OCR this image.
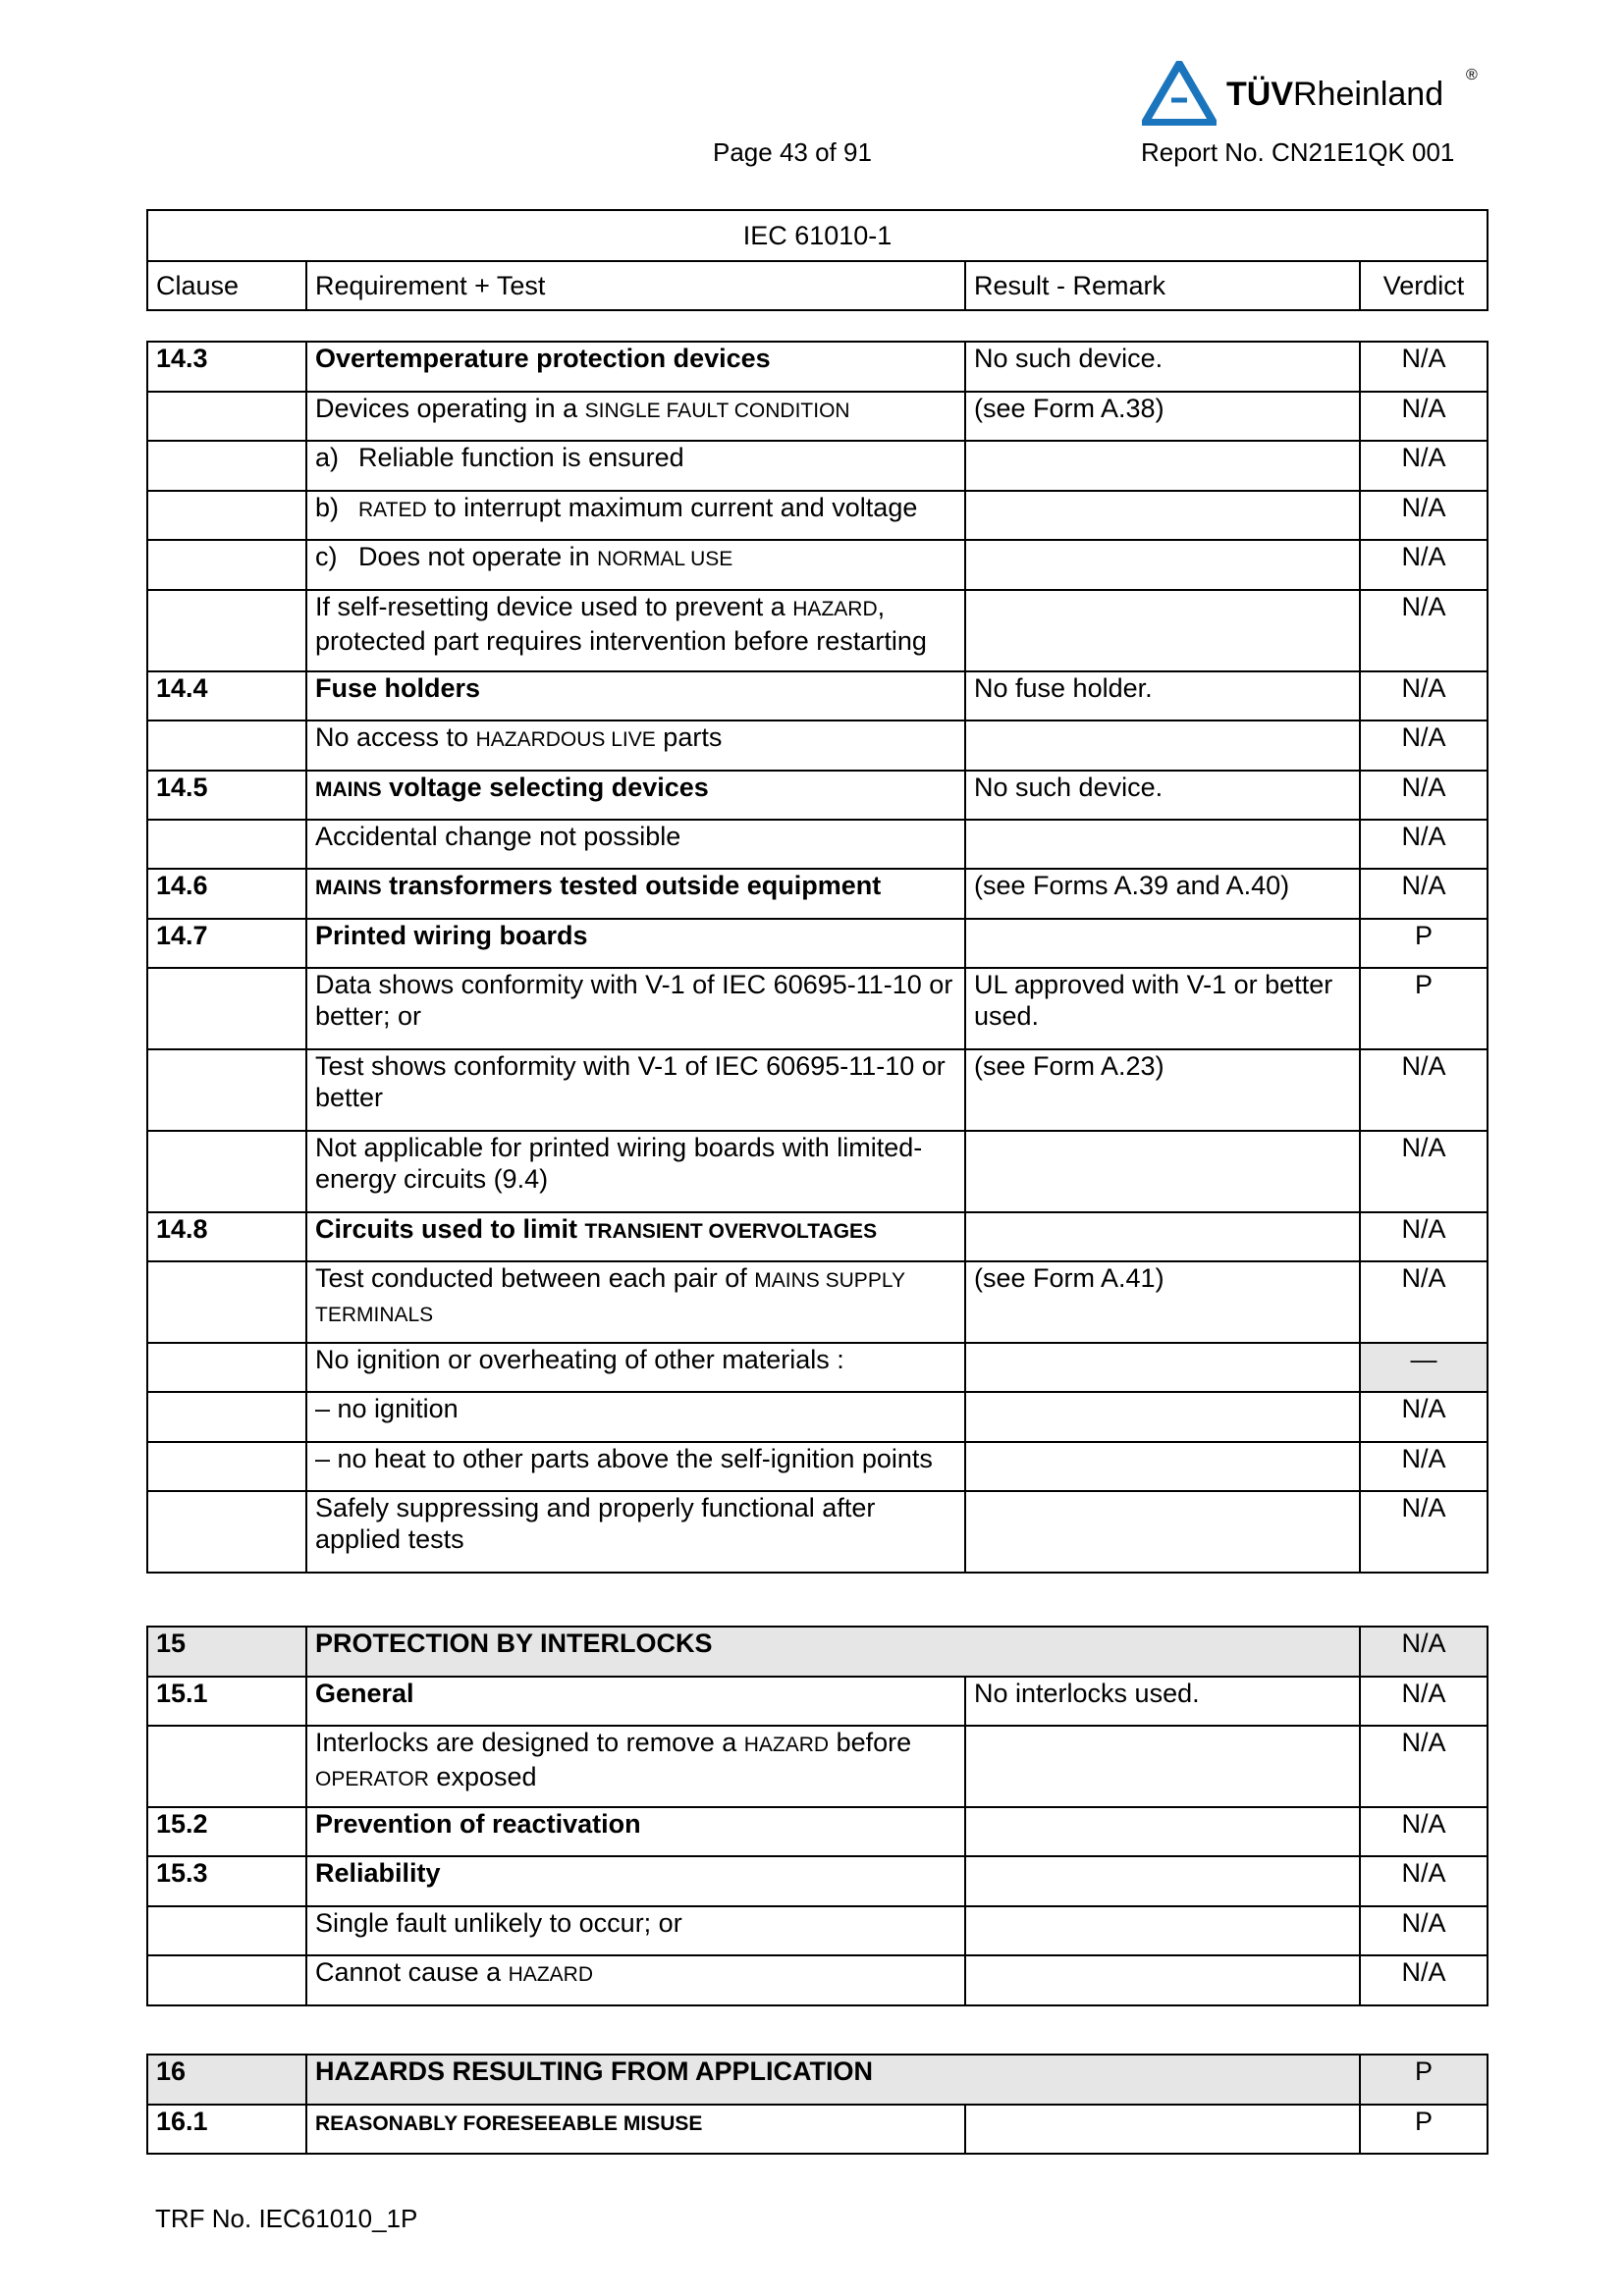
TÜVRheinland
®
Page 43 of 91	Report No. CN21E1QK 001
IEC 61010-1
Clause	Requirement + Test	Result - Remark	Verdict
14.3	Overtemperature protection devices	No such device.	N/A
	Devices operating in a SINGLE FAULT CONDITION	(see Form A.38)	N/A
	a) Reliable function is ensured		N/A
	b) RATED to interrupt maximum current and voltage		N/A
	c) Does not operate in NORMAL USE		N/A
	If self-resetting device used to prevent a HAZARD, protected part requires intervention before restarting		N/A
14.4	Fuse holders	No fuse holder.	N/A
	No access to HAZARDOUS LIVE parts		N/A
14.5	MAINS voltage selecting devices	No such device.	N/A
	Accidental change not possible		N/A
14.6	MAINS transformers tested outside equipment	(see Forms A.39 and A.40)	N/A
14.7	Printed wiring boards		P
	Data shows conformity with V-1 of IEC 60695-11-10 or better; or	UL approved with V-1 or better used.	P
	Test shows conformity with V-1 of IEC 60695-11-10 or better	(see Form A.23)	N/A
	Not applicable for printed wiring boards with limited-energy circuits (9.4)		N/A
14.8	Circuits used to limit TRANSIENT OVERVOLTAGES		N/A
	Test conducted between each pair of MAINS SUPPLY TERMINALS	(see Form A.41)	N/A
	No ignition or overheating of other materials :		—
	– no ignition		N/A
	– no heat to other parts above the self-ignition points		N/A
	Safely suppressing and properly functional after applied tests		N/A
15	PROTECTION BY INTERLOCKS		N/A
15.1	General	No interlocks used.	N/A
	Interlocks are designed to remove a HAZARD before OPERATOR exposed		N/A
15.2	Prevention of reactivation		N/A
15.3	Reliability		N/A
	Single fault unlikely to occur; or		N/A
	Cannot cause a HAZARD		N/A
16	HAZARDS RESULTING FROM APPLICATION		P
16.1	REASONABLY FORESEEABLE MISUSE		P
TRF No. IEC61010_1P
